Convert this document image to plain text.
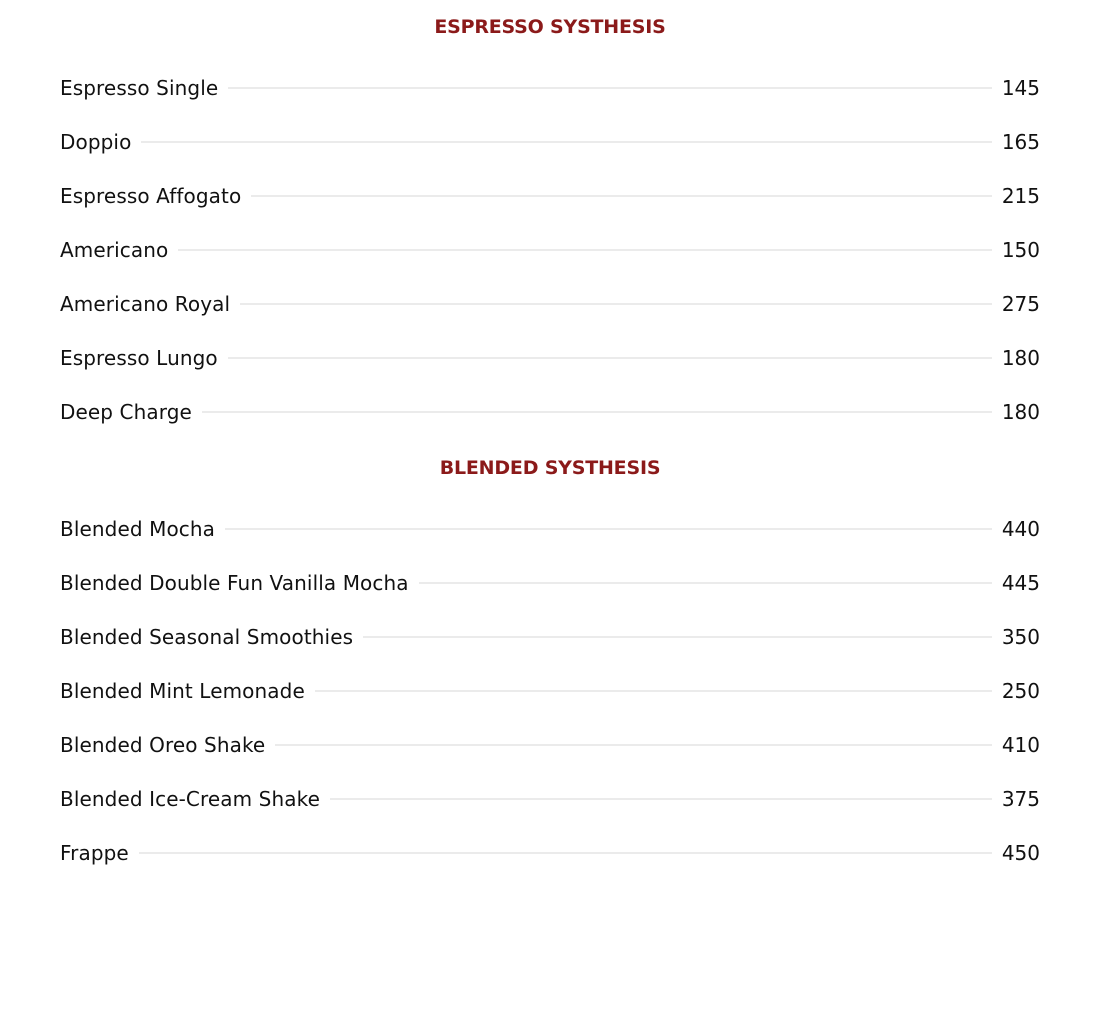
ESPRESSO SYSTHESIS
Espresso Single	145
Doppio	165
Espresso Affogato	215
Americano	150
Americano Royal	275
Espresso Lungo	180
Deep Charge	180
BLENDED SYSTHESIS
Blended Mocha	440
Blended Double Fun Vanilla Mocha	445
Blended Seasonal Smoothies	350
Blended Mint Lemonade	250
Blended Oreo Shake	410
Blended Ice-Cream Shake	375
Frappe	450
